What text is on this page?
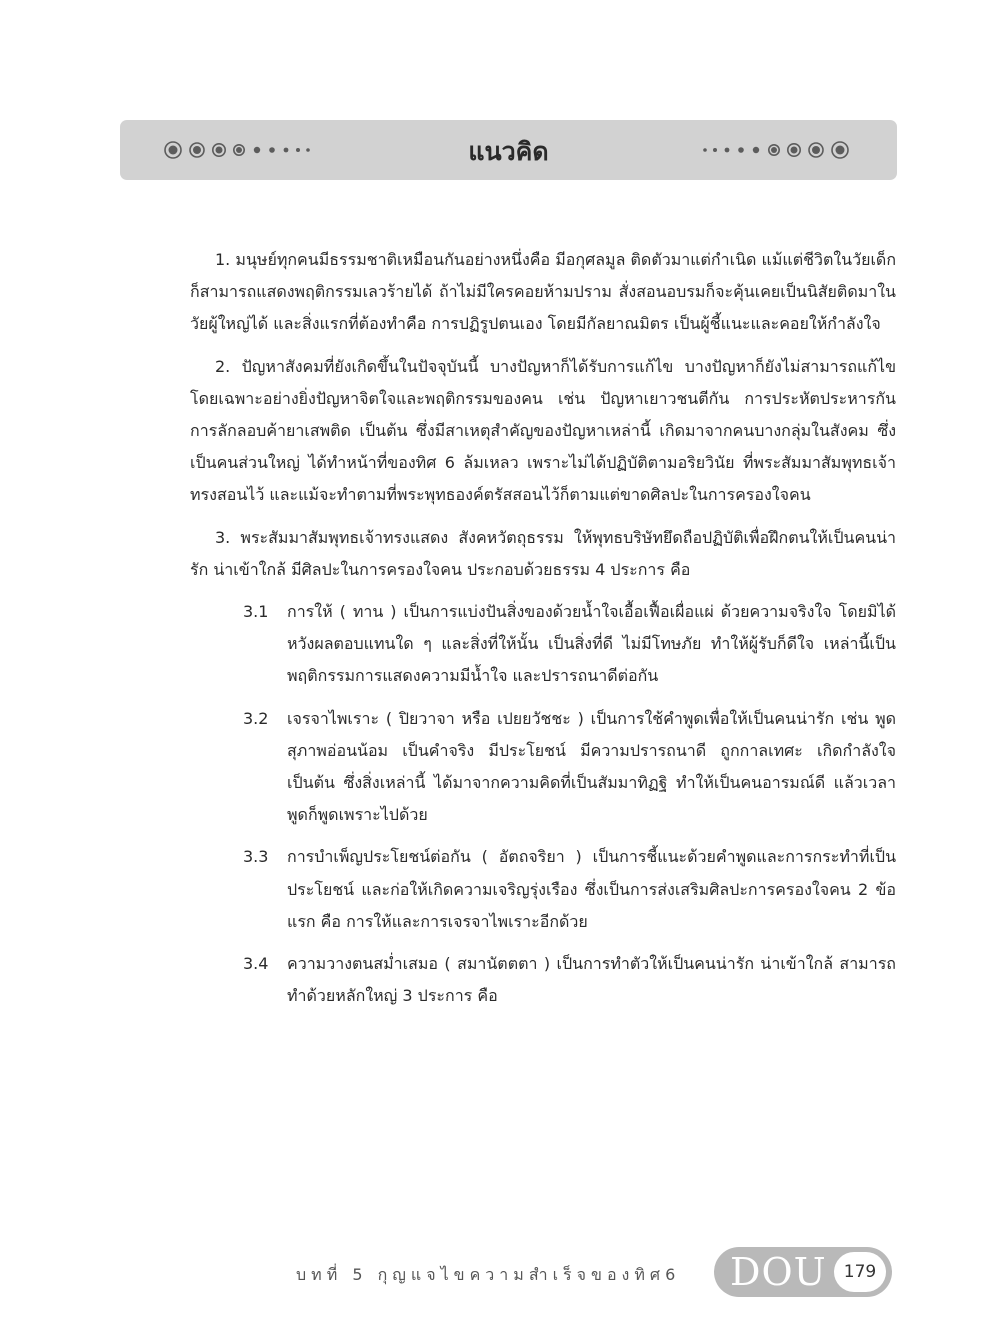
แนวคิด

1. มนุษย์ทุกคนมีธรรมชาติเหมือนกันอย่างหนึ่งคือ มีอกุศลมูล ติดตัวมาแต่กำเนิด แม้แต่ชีวิตในวัยเด็กก็สามารถแสดงพฤติกรรมเลวร้ายได้ ถ้าไม่มีใครคอยห้ามปราม สั่งสอนอบรมก็จะคุ้นเคยเป็นนิสัยติดมาในวัยผู้ใหญ่ได้ และสิ่งแรกที่ต้องทำคือ การปฏิรูปตนเอง โดยมีกัลยาณมิตร เป็นผู้ชี้แนะและคอยให้กำลังใจ

2. ปัญหาสังคมที่ยังเกิดขึ้นในปัจจุบันนี้ บางปัญหาก็ได้รับการแก้ไข บางปัญหาก็ยังไม่สามารถแก้ไข โดยเฉพาะอย่างยิ่งปัญหาจิตใจและพฤติกรรมของคน เช่น ปัญหาเยาวชนตีกัน การประหัตประหารกัน การลักลอบค้ายาเสพติด เป็นต้น ซึ่งมีสาเหตุสำคัญของปัญหาเหล่านี้ เกิดมาจากคนบางกลุ่มในสังคม ซึ่งเป็นคนส่วนใหญ่ ได้ทำหน้าที่ของทิศ 6 ล้มเหลว เพราะไม่ได้ปฏิบัติตามอริยวินัย ที่พระสัมมาสัมพุทธเจ้าทรงสอนไว้ และแม้จะทำตามที่พระพุทธองค์ตรัสสอนไว้ก็ตามแต่ขาดศิลปะในการครองใจคน

3. พระสัมมาสัมพุทธเจ้าทรงแสดง สังคหวัตถุธรรม ให้พุทธบริษัทยึดถือปฏิบัติเพื่อฝึกตนให้เป็นคนน่ารัก น่าเข้าใกล้ มีศิลปะในการครองใจคน ประกอบด้วยธรรม 4 ประการ คือ

3.1	การให้ ( ทาน ) เป็นการแบ่งปันสิ่งของด้วยน้ำใจเอื้อเฟื้อเผื่อแผ่ ด้วยความจริงใจ โดยมิได้หวังผลตอบแทนใด ๆ และสิ่งที่ให้นั้น เป็นสิ่งที่ดี ไม่มีโทษภัย ทำให้ผู้รับก็ดีใจ เหล่านี้เป็นพฤติกรรมการแสดงความมีน้ำใจ และปรารถนาดีต่อกัน
3.2	เจรจาไพเราะ ( ปิยวาจา หรือ เปยยวัชชะ ) เป็นการใช้คำพูดเพื่อให้เป็นคนน่ารัก เช่น พูดสุภาพอ่อนน้อม เป็นคำจริง มีประโยชน์ มีความปรารถนาดี ถูกกาลเทศะ เกิดกำลังใจเป็นต้น ซึ่งสิ่งเหล่านี้ ได้มาจากความคิดที่เป็นสัมมาทิฏฐิ ทำให้เป็นคนอารมณ์ดี แล้วเวลาพูดก็พูดเพราะไปด้วย
3.3	การบำเพ็ญประโยชน์ต่อกัน ( อัตถจริยา ) เป็นการชี้แนะด้วยคำพูดและการกระทำที่เป็นประโยชน์ และก่อให้เกิดความเจริญรุ่งเรือง ซึ่งเป็นการส่งเสริมศิลปะการครองใจคน 2 ข้อแรก คือ การให้และการเจรจาไพเราะอีกด้วย
3.4	ความวางตนสม่ำเสมอ ( สมานัตตตา ) เป็นการทำตัวให้เป็นคนน่ารัก น่าเข้าใกล้ สามารถทำด้วยหลักใหญ่ 3 ประการ คือ
บทที่ 5 กุญแจไขความสำเร็จของทิศ6 DOU	179
